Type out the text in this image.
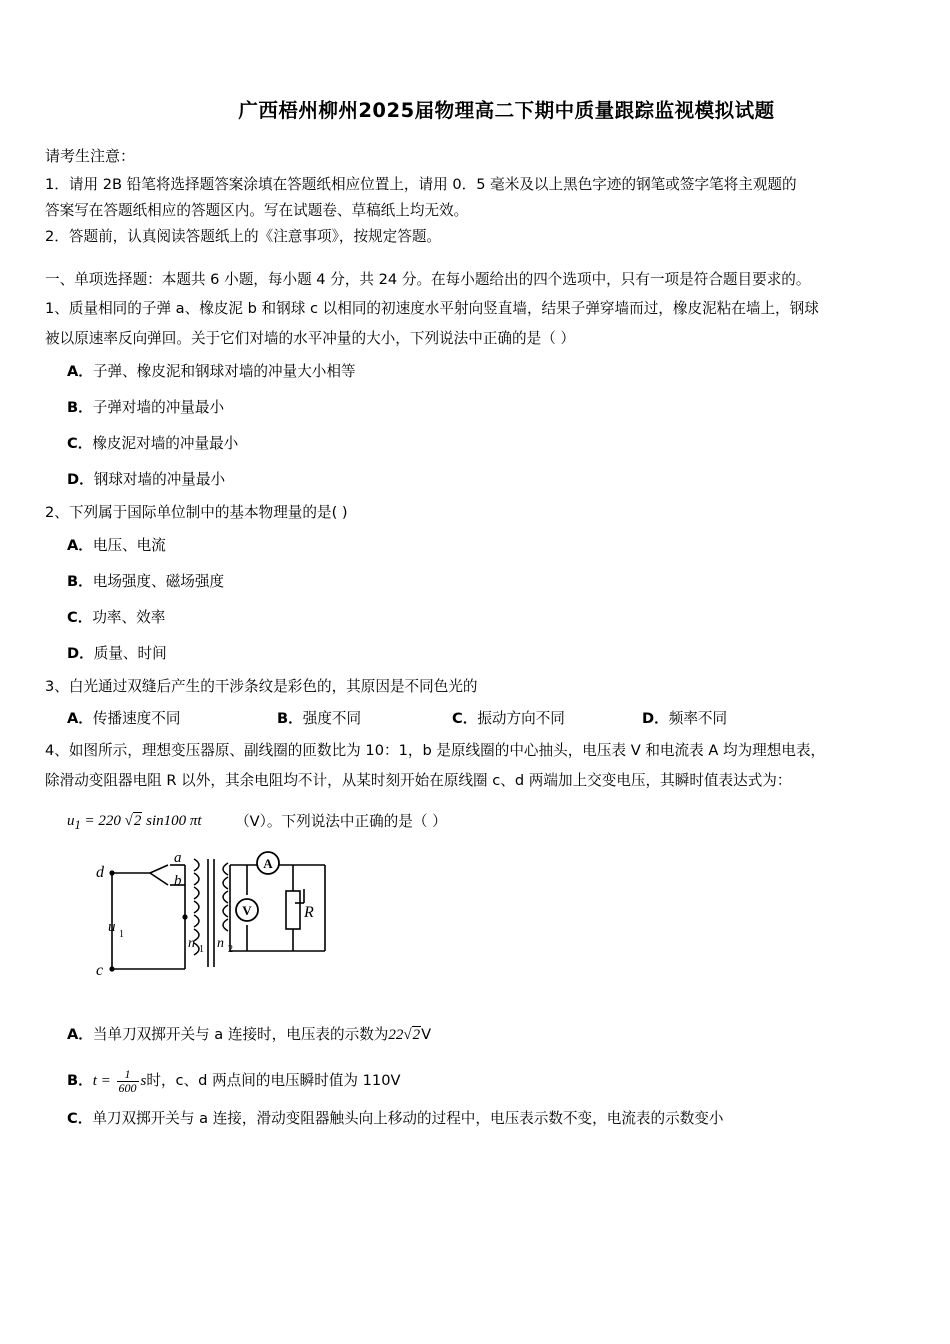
广西梧州柳州2025届物理高二下期中质量跟踪监视模拟试题
请考生注意：
1．请用 2B 铅笔将选择题答案涂填在答题纸相应位置上，请用 0．5 毫米及以上黑色字迹的钢笔或签字笔将主观题的
答案写在答题纸相应的答题区内。写在试题卷、草稿纸上均无效。
2．答题前，认真阅读答题纸上的《注意事项》，按规定答题。
一、单项选择题：本题共 6 小题，每小题 4 分，共 24 分。在每小题给出的四个选项中，只有一项是符合题目要求的。
1、质量相同的子弹 a、橡皮泥 b 和钢球 c 以相同的初速度水平射向竖直墙，结果子弹穿墙而过，橡皮泥粘在墙上，钢球
被以原速率反向弹回。关于它们对墙的水平冲量的大小，下列说法中正确的是（ ）
A．子弹、橡皮泥和钢球对墙的冲量大小相等
B．子弹对墙的冲量最小
C．橡皮泥对墙的冲量最小
D．钢球对墙的冲量最小
2、下列属于国际单位制中的基本物理量的是( )
A．电压、电流
B．电场强度、磁场强度
C．功率、效率
D．质量、时间
3、白光通过双缝后产生的干涉条纹是彩色的，其原因是不同色光的
A．传播速度不同	B．强度不同	C．振动方向不同	D．频率不同
4、如图所示，理想变压器原、副线圈的匝数比为 10：1，b 是原线圈的中心抽头，电压表 V 和电流表 A 均为理想电表，
除滑动变阻器电阻 R 以外，其余电阻均不计，从某时刻开始在原线圈 c、d 两端加上交变电压，其瞬时值表达式为：
$u_1 = 220$ √2 sin100 πt （V）。下列说法中正确的是（ ）
A
V
a
b
d
c
u 1
n 1 n 2
R
A．当单刀双掷开关与 a 连接时，电压表的示数为22√2V
B．$t = \frac{1}{600}$ s时，c、d 两点间的电压瞬时值为 110V
C．单刀双掷开关与 a 连接，滑动变阻器触头向上移动的过程中，电压表示数不变，电流表的示数变小
